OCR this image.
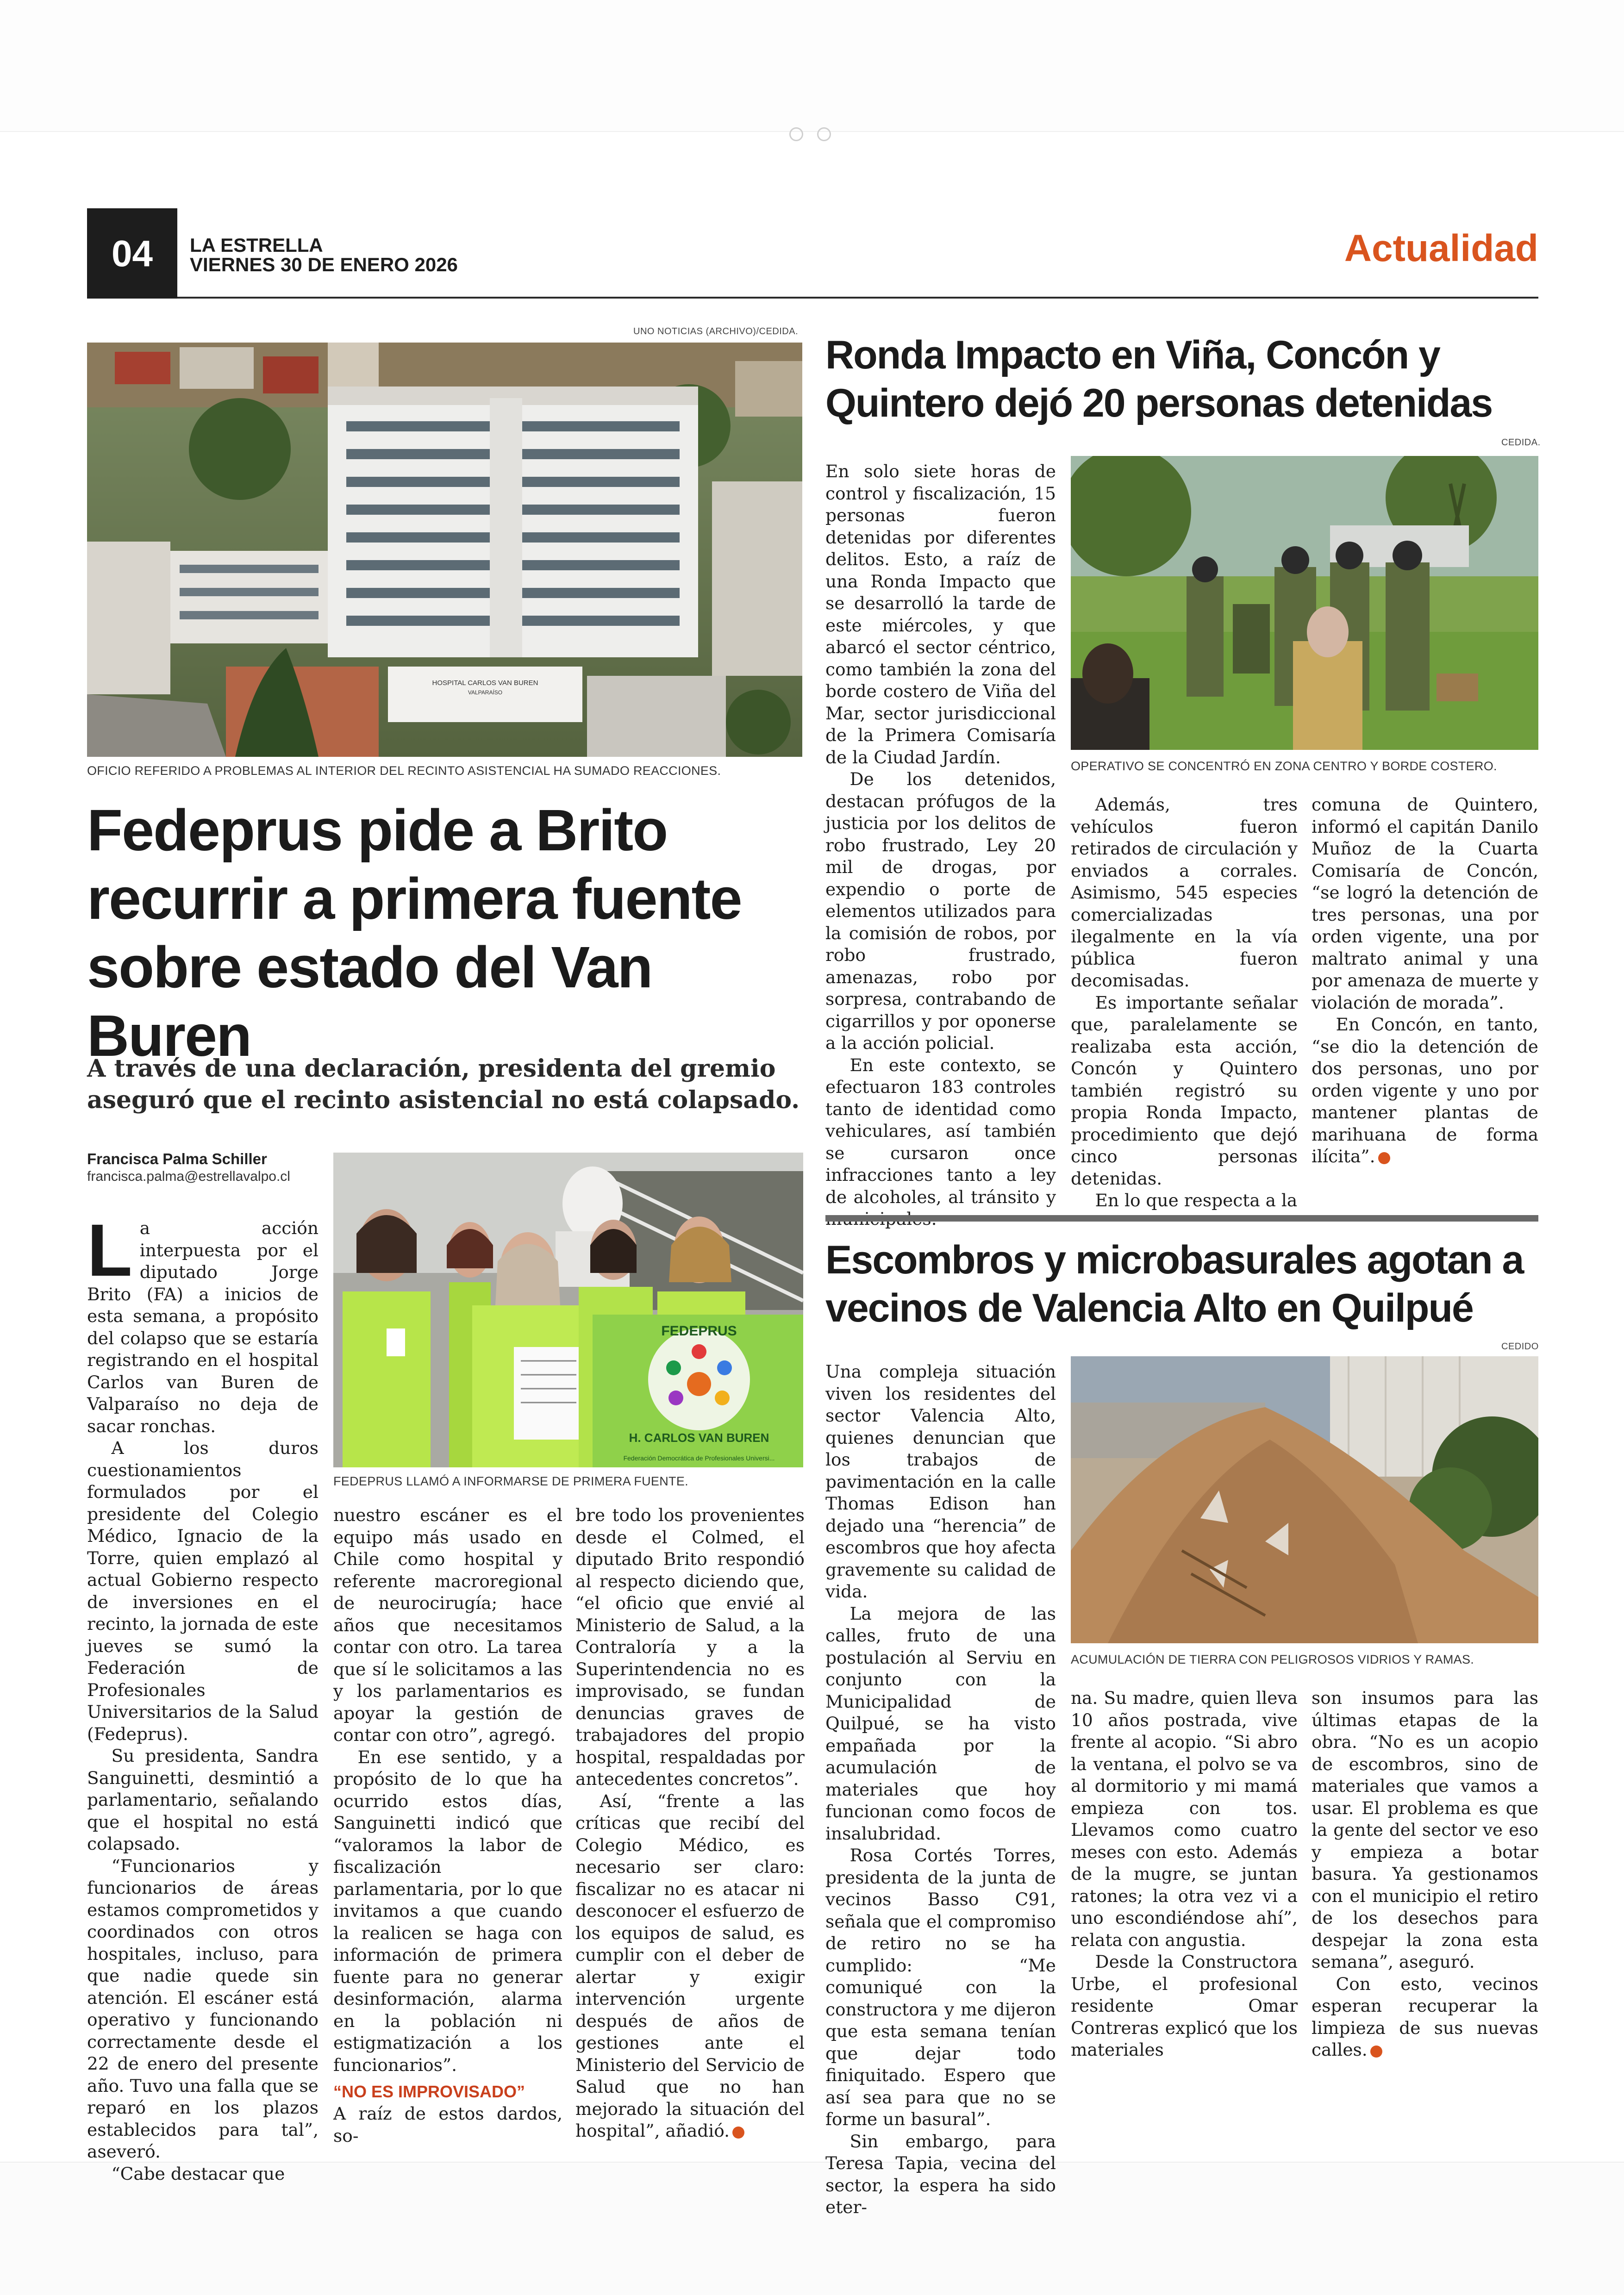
04	LA ESTRELLA
VIERNES 30 DE ENERO 2026	Actualidad
UNO NOTICIAS (ARCHIVO)/CEDIDA.
HOSPITAL CARLOS VAN BUREN
VALPARAÍSO
OFICIO REFERIDO A PROBLEMAS AL INTERIOR DEL RECINTO ASISTENCIAL HA SUMADO REACCIONES.
Fedeprus pide a Brito
recurrir a primera fuente
sobre estado del Van Buren
A través de una declaración, presidenta del gremio
aseguró que el recinto asistencial no está colapsado.
Francisca Palma Schiller
francisca.palma@estrellavalpo.cl
FEDEPRUS
H. CARLOS VAN BUREN
Federación Democrática de Profesionales Universi...
FEDEPRUS LLAMÓ A INFORMARSE DE PRIMERA FUENTE.

La acción interpuesta por el diputado Jorge Brito (FA) a inicios de esta semana, a propósito del colapso que se estaría registrando en el hospital Carlos van Buren de Valparaíso no deja de sacar ronchas.

A los duros cuestionamientos formulados por el presidente del Colegio Médico, Ignacio de la Torre, quien emplazó al actual Gobierno respecto de inversiones en el recinto, la jornada de este jueves se sumó la Federación de Profesionales Universitarios de la Salud (Fedeprus).

Su presidenta, Sandra Sanguinetti, desmintió a parlamentario, señalando que el hospital no está colapsado.

“Funcionarios y funcionarios de áreas estamos comprometidos y coordinados con otros hospitales, incluso, para que nadie quede sin atención. El escáner está operativo y funcionando correctamente desde el 22 de enero del presente año. Tuvo una falla que se reparó en los plazos establecidos para tal”, aseveró.

“Cabe destacar que

nuestro escáner es el equipo más usado en Chile como hospital y referente macroregional de neurocirugía; hace años que necesitamos contar con otro. La tarea que sí le solicitamos a las y los parlamentarios es apoyar la gestión de contar con otro”, agregó.

En ese sentido, y a propósito de lo que ha ocurrido estos días, Sanguinetti indicó que “valoramos la labor de fiscalización parlamentaria, por lo que invitamos a que cuando la realicen se haga con información de primera fuente para no generar desinformación, alarma en la población ni estigmatización a los funcionarios”.

“NO ES IMPROVISADO”

A raíz de estos dardos, so-

bre todo los provenientes desde el Colmed, el diputado Brito respondió al respecto diciendo que, “el oficio que envié al Ministerio de Salud, a la Contraloría y a la Superintendencia no es improvisado, se fundan denuncias graves de trabajadores del propio hospital, respaldadas por antecedentes concretos”.

Así, “frente a las críticas que recibí del Colegio Médico, es necesario ser claro: fiscalizar no es atacar ni desconocer el esfuerzo de los equipos de salud, es cumplir con el deber de alertar y exigir intervención urgente después de años de gestiones ante el Ministerio del Servicio de Salud que no han mejorado la situación del hospital”, añadió.	✪

Ronda Impacto en Viña, Concón y
Quintero dejó 20 personas detenidas
CEDIDA.
OPERATIVO SE CONCENTRÓ EN ZONA CENTRO Y BORDE COSTERO.

En solo siete horas de control y fiscalización, 15 personas fueron detenidas por diferentes delitos. Esto, a raíz de una Ronda Impacto que se desarrolló la tarde de este miércoles, y que abarcó el sector céntrico, como también la zona del borde costero de Viña del Mar, sector jurisdiccional de la Primera Comisaría de la Ciudad Jardín.

De los detenidos, destacan prófugos de la justicia por los delitos de robo frustrado, Ley 20 mil de drogas, por expendio o porte de elementos utilizados para la comisión de robos, por robo frustrado, amenazas, robo por sorpresa, contrabando de cigarrillos y por oponerse a la acción policial.

En este contexto, se efectuaron 183 controles tanto de identidad como vehiculares, así también se cursaron once infracciones tanto a ley de alcoholes, al tránsito y

Además, tres vehículos fueron retirados de circulación y enviados a corrales. Asimismo, 545 especies comercializadas ilegalmente en la vía pública fueron decomisadas.

Es importante señalar que, paralelamente se realizaba esta acción, Concón y Quintero también registró su propia Ronda Impacto, procedimiento que dejó cinco personas detenidas.

En lo que respecta a la

comuna de Quintero, informó el capitán Danilo Muñoz de la Cuarta Comisaría de Concón, “se logró la detención de tres personas, una por orden vigente, una por maltrato animal y una por amenaza de muerte y violación de morada”.

En Concón, en tanto, “se dio la detención de dos personas, uno por orden vigente y uno por mantener plantas de marihuana de forma ilícita”.	✪

Escombros y microbasurales agotan a
vecinos de Valencia Alto en Quilpué
CEDIDO
ACUMULACIÓN DE TIERRA CON PELIGROSOS VIDRIOS Y RAMAS.

Una compleja situación viven los residentes del sector Valencia Alto, quienes denuncian que los trabajos de pavimentación en la calle Thomas Edison han dejado una “herencia” de escombros que hoy afecta gravemente su calidad de vida.

La mejora de las calles, fruto de una postulación al Serviu en conjunto con la Municipalidad de Quilpué, se ha visto empañada por la acumulación de materiales que hoy funcionan como focos de insalubridad.

Rosa Cortés Torres, presidenta de la junta de vecinos Basso C91, señala que el compromiso de retiro no se ha cumplido: “Me comuniqué con la constructora y me dijeron que esta semana tenían que dejar todo finiquitado. Espero que así sea para que no se forme un basural”.

Sin embargo, para Teresa Tapia, vecina del sector, la espera ha sido eter-

na. Su madre, quien lleva 10 años postrada, vive frente al acopio. “Si abro la ventana, el polvo se va al dormitorio y mi mamá empieza con tos. Llevamos como cuatro meses con esto. Además de la mugre, se juntan ratones; la otra vez vi a uno escondiéndose ahí”, relata con angustia.

Desde la Constructora Urbe, el profesional residente Omar Contreras explicó que los materiales

son insumos para las últimas etapas de la obra. “No es un acopio de escombros, sino de materiales que vamos a usar. El problema es que la gente del sector ve eso y empieza a botar basura. Ya gestionamos con el municipio el retiro de los desechos para despejar la zona esta semana”, aseguró.

Con esto, vecinos esperan recuperar la limpieza de sus nuevas calles.	✪
